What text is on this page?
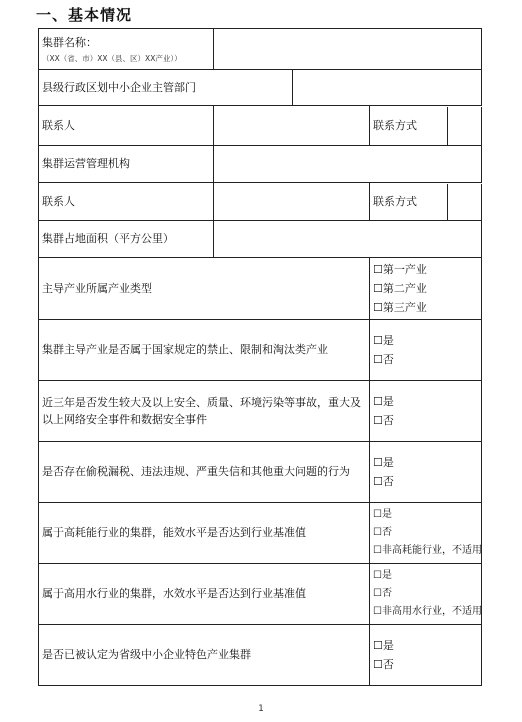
一、基本情况
集群名称：
（XX（省、市）XX（县、区）XX产业））			

县级行政区划中小企业主管部门			
联系人			联系方式

集群运营管理机构			
联系人			联系方式

集群占地面积（平方公里）			
主导产业所属产业类型			☐第一产业
☐第二产业
☐第三产业

集群主导产业是否属于国家规定的禁止、限制和淘汰类产业			☐是
☐否

近三年是否发生较大及以上安全、质量、环境污染等事故，重大及以上网络安全事件和数据安全事件			☐是
☐否

是否存在偷税漏税、违法违规、严重失信和其他重大问题的行为			☐是
☐否

属于高耗能行业的集群，能效水平是否达到行业基准值			☐是
☐否
☐非高耗能行业，不适用

属于高用水行业的集群，水效水平是否达到行业基准值			☐是
☐否
☐非高用水行业，不适用

是否已被认定为省级中小企业特色产业集群			☐是
☐否
1
